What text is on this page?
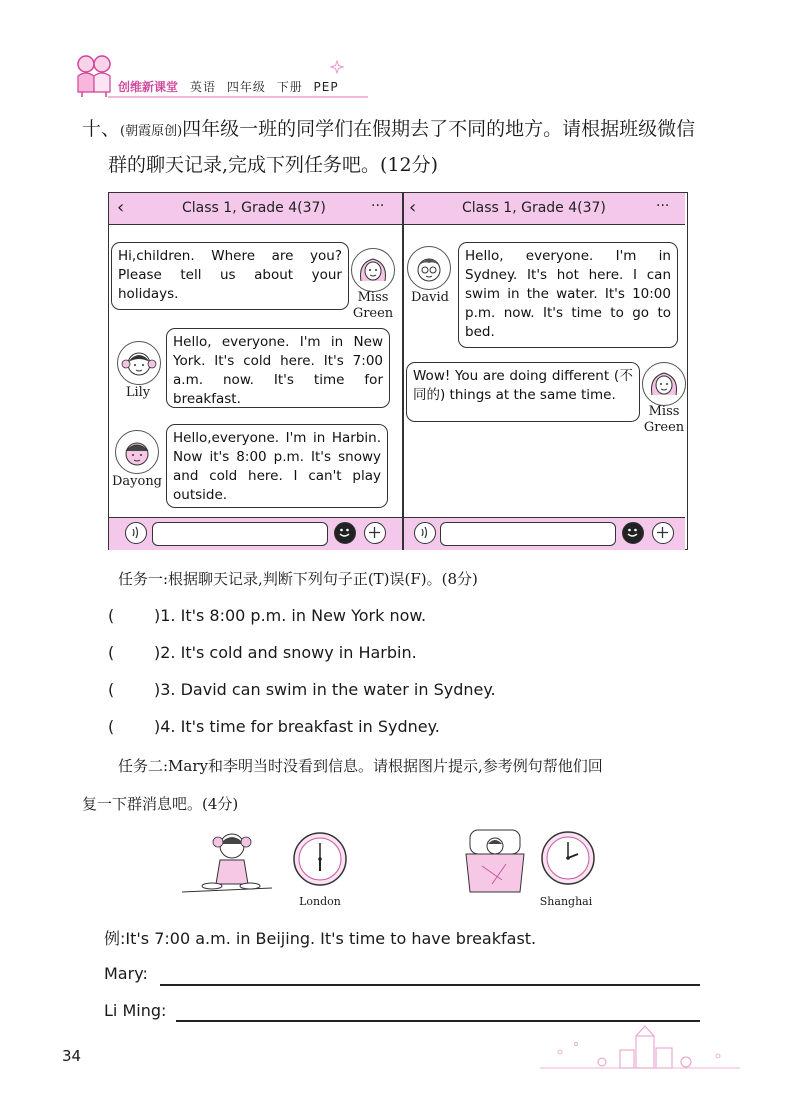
创维新课堂 英语 四年级 下册 PEP
十、(朝霞原创)四年级一班的同学们在假期去了不同的地方。请根据班级微信
群的聊天记录,完成下列任务吧。(12分)
‹	Class 1, Grade 4(37)	··· ‹	Class 1, Grade 4(37)	···
Hi,children. Where are you? Please tell us about your holidays.	Miss
Green
Lily
Hello, everyone. I'm in New York. It's cold here. It's 7:00 a.m. now. It's time for breakfast.
Dayong
Hello,everyone. I'm in Harbin. Now it's 8:00 p.m. It's snowy and cold here. I can't play outside.
David
Hello, everyone. I'm in Sydney. It's hot here. I can swim in the water. It's 10:00 p.m. now. It's time to go to bed.
Wow! You are doing different (不同的) things at the same time.
Miss
Green
任务一:根据聊天记录,判断下列句子正(T)误(F)。(8分)
( )1. It's 8:00 p.m. in New York now.
( )2. It's cold and snowy in Harbin.
( )3. David can swim in the water in Sydney.
( )4. It's time for breakfast in Sydney.
任务二:Mary和李明当时没看到信息。请根据图片提示,参考例句帮他们回
复一下群消息吧。(4分)
London	Shanghai
例:It's 7:00 a.m. in Beijing. It's time to have breakfast.
Mary:
Li Ming:
34
